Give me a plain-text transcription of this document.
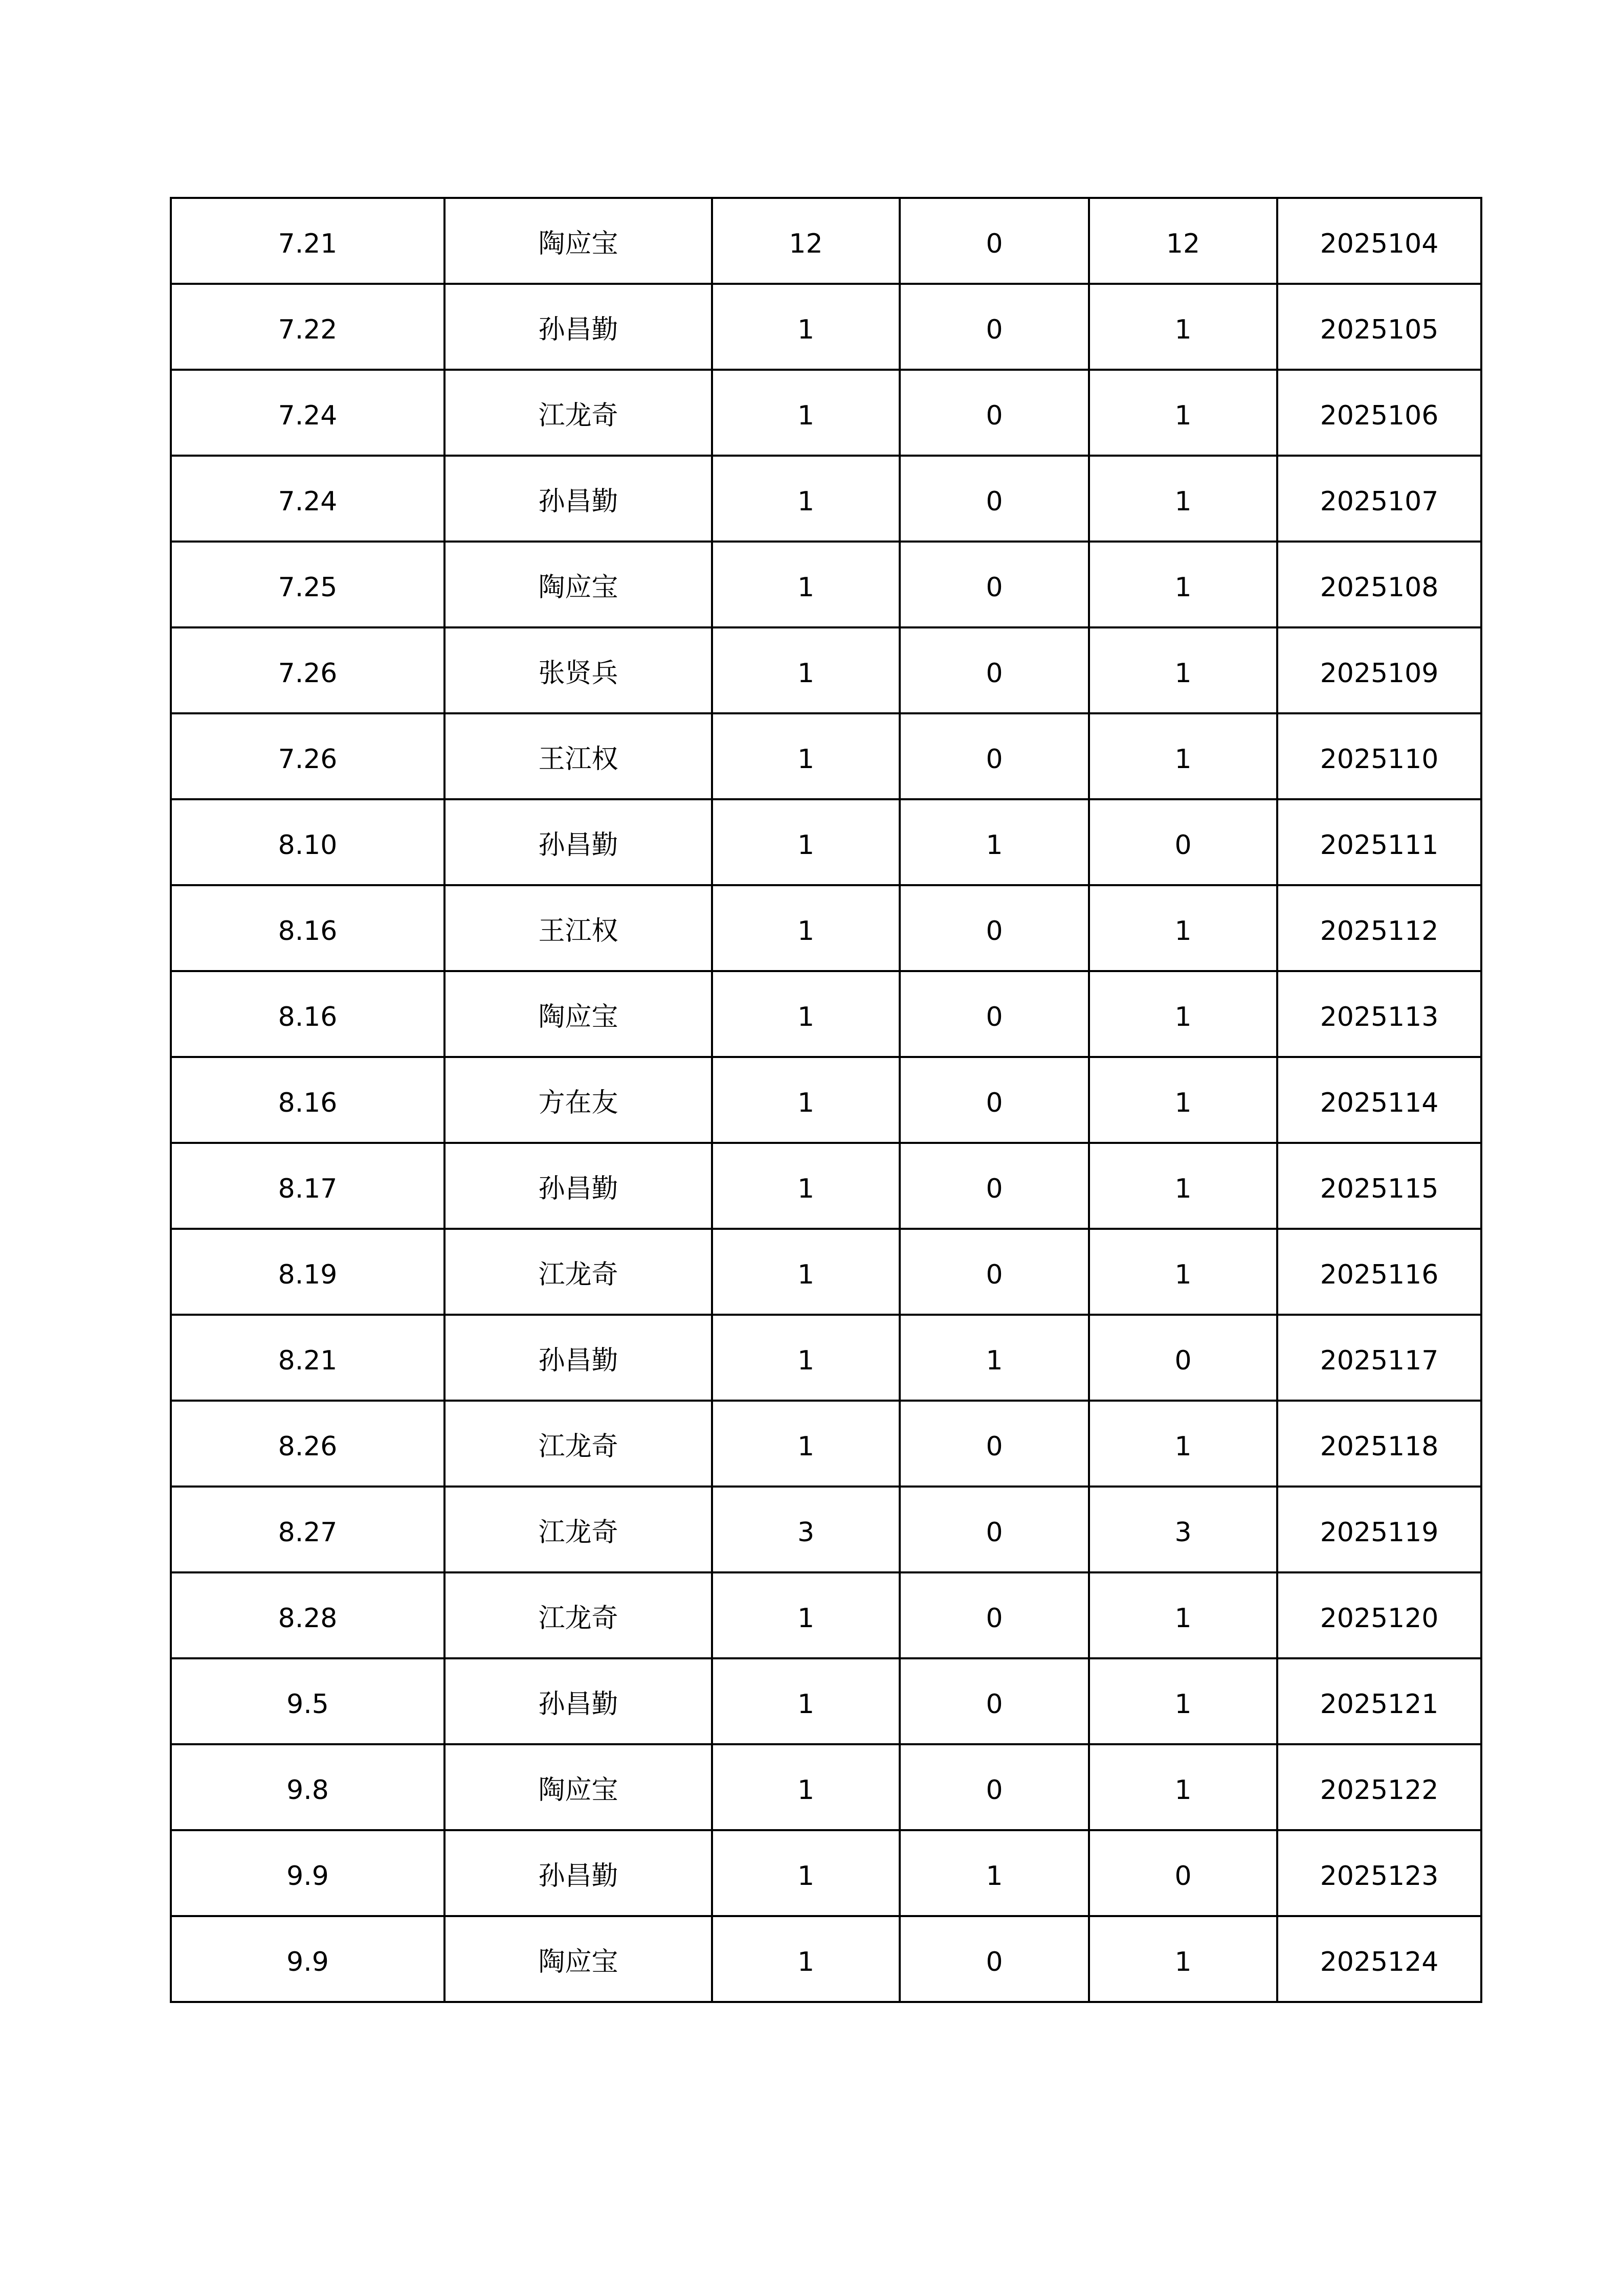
7.21	陶应宝	12	0	12	2025104
7.22	孙昌勤	1	0	1	2025105
7.24	江龙奇	1	0	1	2025106
7.24	孙昌勤	1	0	1	2025107
7.25	陶应宝	1	0	1	2025108
7.26	张贤兵	1	0	1	2025109
7.26	王江权	1	0	1	2025110
8.10	孙昌勤	1	1	0	2025111
8.16	王江权	1	0	1	2025112
8.16	陶应宝	1	0	1	2025113
8.16	方在友	1	0	1	2025114
8.17	孙昌勤	1	0	1	2025115
8.19	江龙奇	1	0	1	2025116
8.21	孙昌勤	1	1	0	2025117
8.26	江龙奇	1	0	1	2025118
8.27	江龙奇	3	0	3	2025119
8.28	江龙奇	1	0	1	2025120
9.5	孙昌勤	1	0	1	2025121
9.8	陶应宝	1	0	1	2025122
9.9	孙昌勤	1	1	0	2025123
9.9	陶应宝	1	0	1	2025124
